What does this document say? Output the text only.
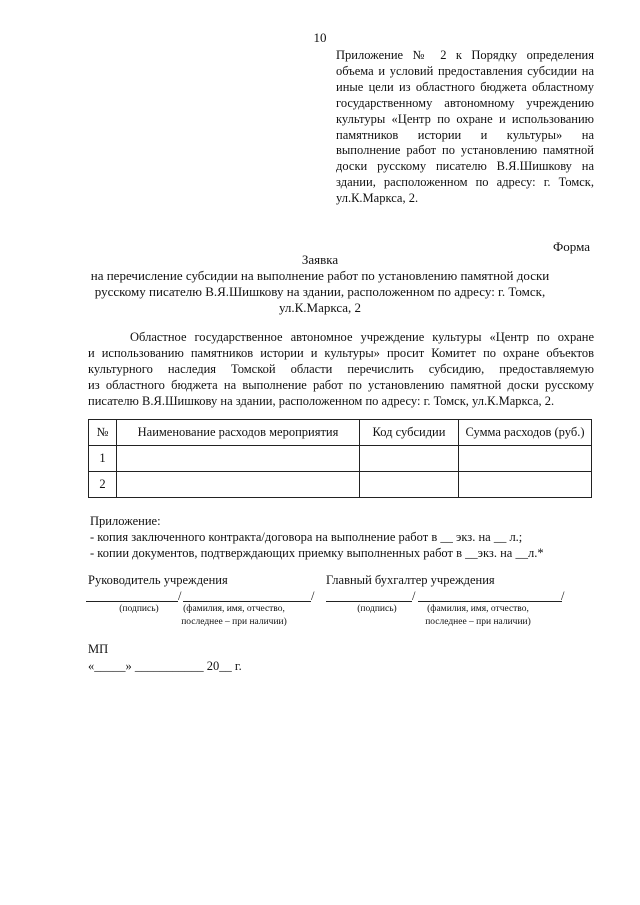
10
Приложение № 2 к Порядку определения
объема и условий предоставления субсидии на
иные цели из областного бюджета областному
государственному автономному учреждению
культуры «Центр по охране и использованию
памятников истории и культуры» на
выполнение работ по установлению памятной
доски русскому писателю В.Я.Шишкову на
здании, расположенном по адресу: г. Томск,
ул.К.Маркса, 2.
Форма
Заявка
на перечисление субсидии на выполнение работ по установлению памятной доски
русскому писателю В.Я.Шишкову на здании, расположенном по адресу: г. Томск,
ул.К.Маркса, 2
Областное государственное автономное учреждение культуры «Центр по охране
и использованию памятников истории и культуры» просит Комитет по охране объектов
культурного наследия Томской области перечислить субсидию, предоставляемую
из областного бюджета на выполнение работ по установлению памятной доски русскому
писателю В.Я.Шишкову на здании, расположенном по адресу: г. Томск, ул.К.Маркса, 2.
№	Наименование расходов мероприятия	Код субсидии	Сумма расходов (руб.)
1			
2			
Приложение:
- копия заключенного контракта/договора на выполнение работ в __ экз. на __ л.;
- копии документов, подтверждающих приемку выполненных работ в __экз. на __л.*
Руководитель учреждения
/	/
(подпись)	(фамилия, имя, отчество,
последнее – при наличии)
Главный бухгалтер учреждения
/	/
(подпись)	(фамилия, имя, отчество,
последнее – при наличии)
МП
«_____» ___________ 20__ г.
